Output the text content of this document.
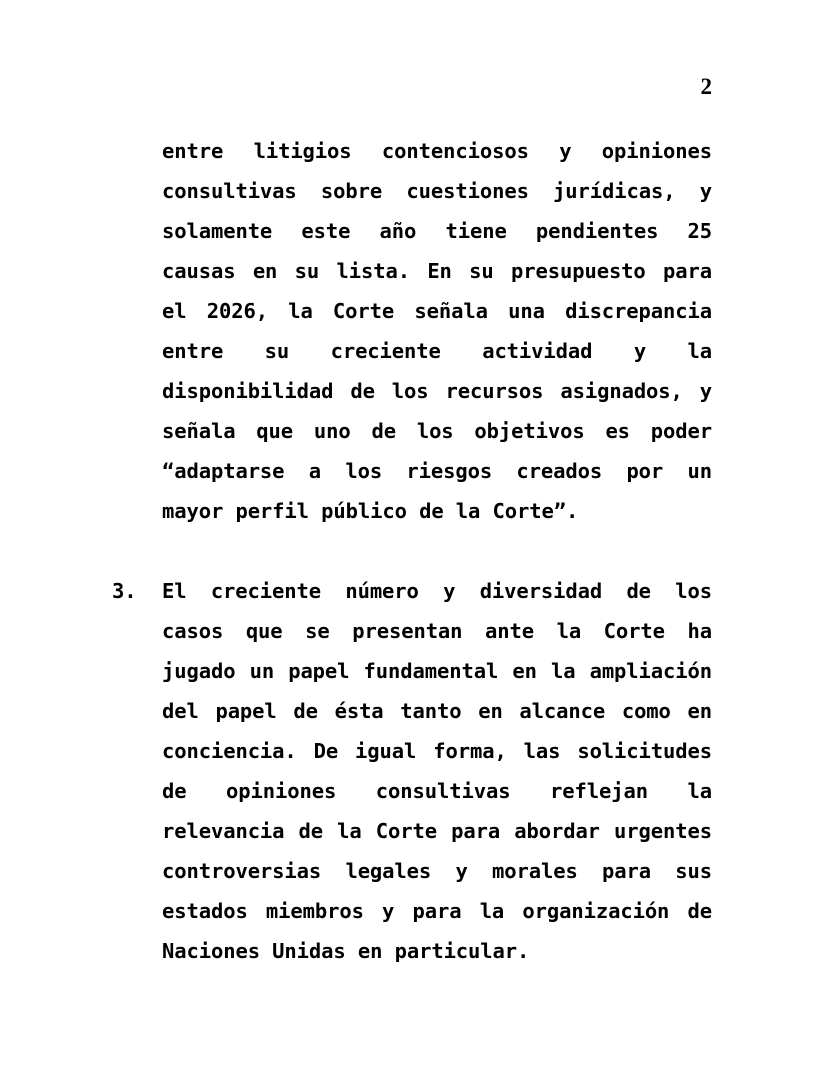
2

entre litigios contenciosos y opiniones consultivas sobre cuestiones jurídicas, y solamente este año tiene pendientes 25 causas en su lista. En su presupuesto para el 2026, la Corte señala una discrepancia entre su creciente actividad y la disponibilidad de los recursos asignados, y señala que uno de los objetivos es poder “adaptarse a los riesgos creados por un mayor perfil público de la Corte”.

3.	El creciente número y diversidad de los casos que se presentan ante la Corte ha jugado un papel fundamental en la ampliación del papel de ésta tanto en alcance como en conciencia. De igual forma, las solicitudes de opiniones consultivas reflejan la relevancia de la Corte para abordar urgentes controversias legales y morales para sus estados miembros y para la organización de Naciones Unidas en particular.
